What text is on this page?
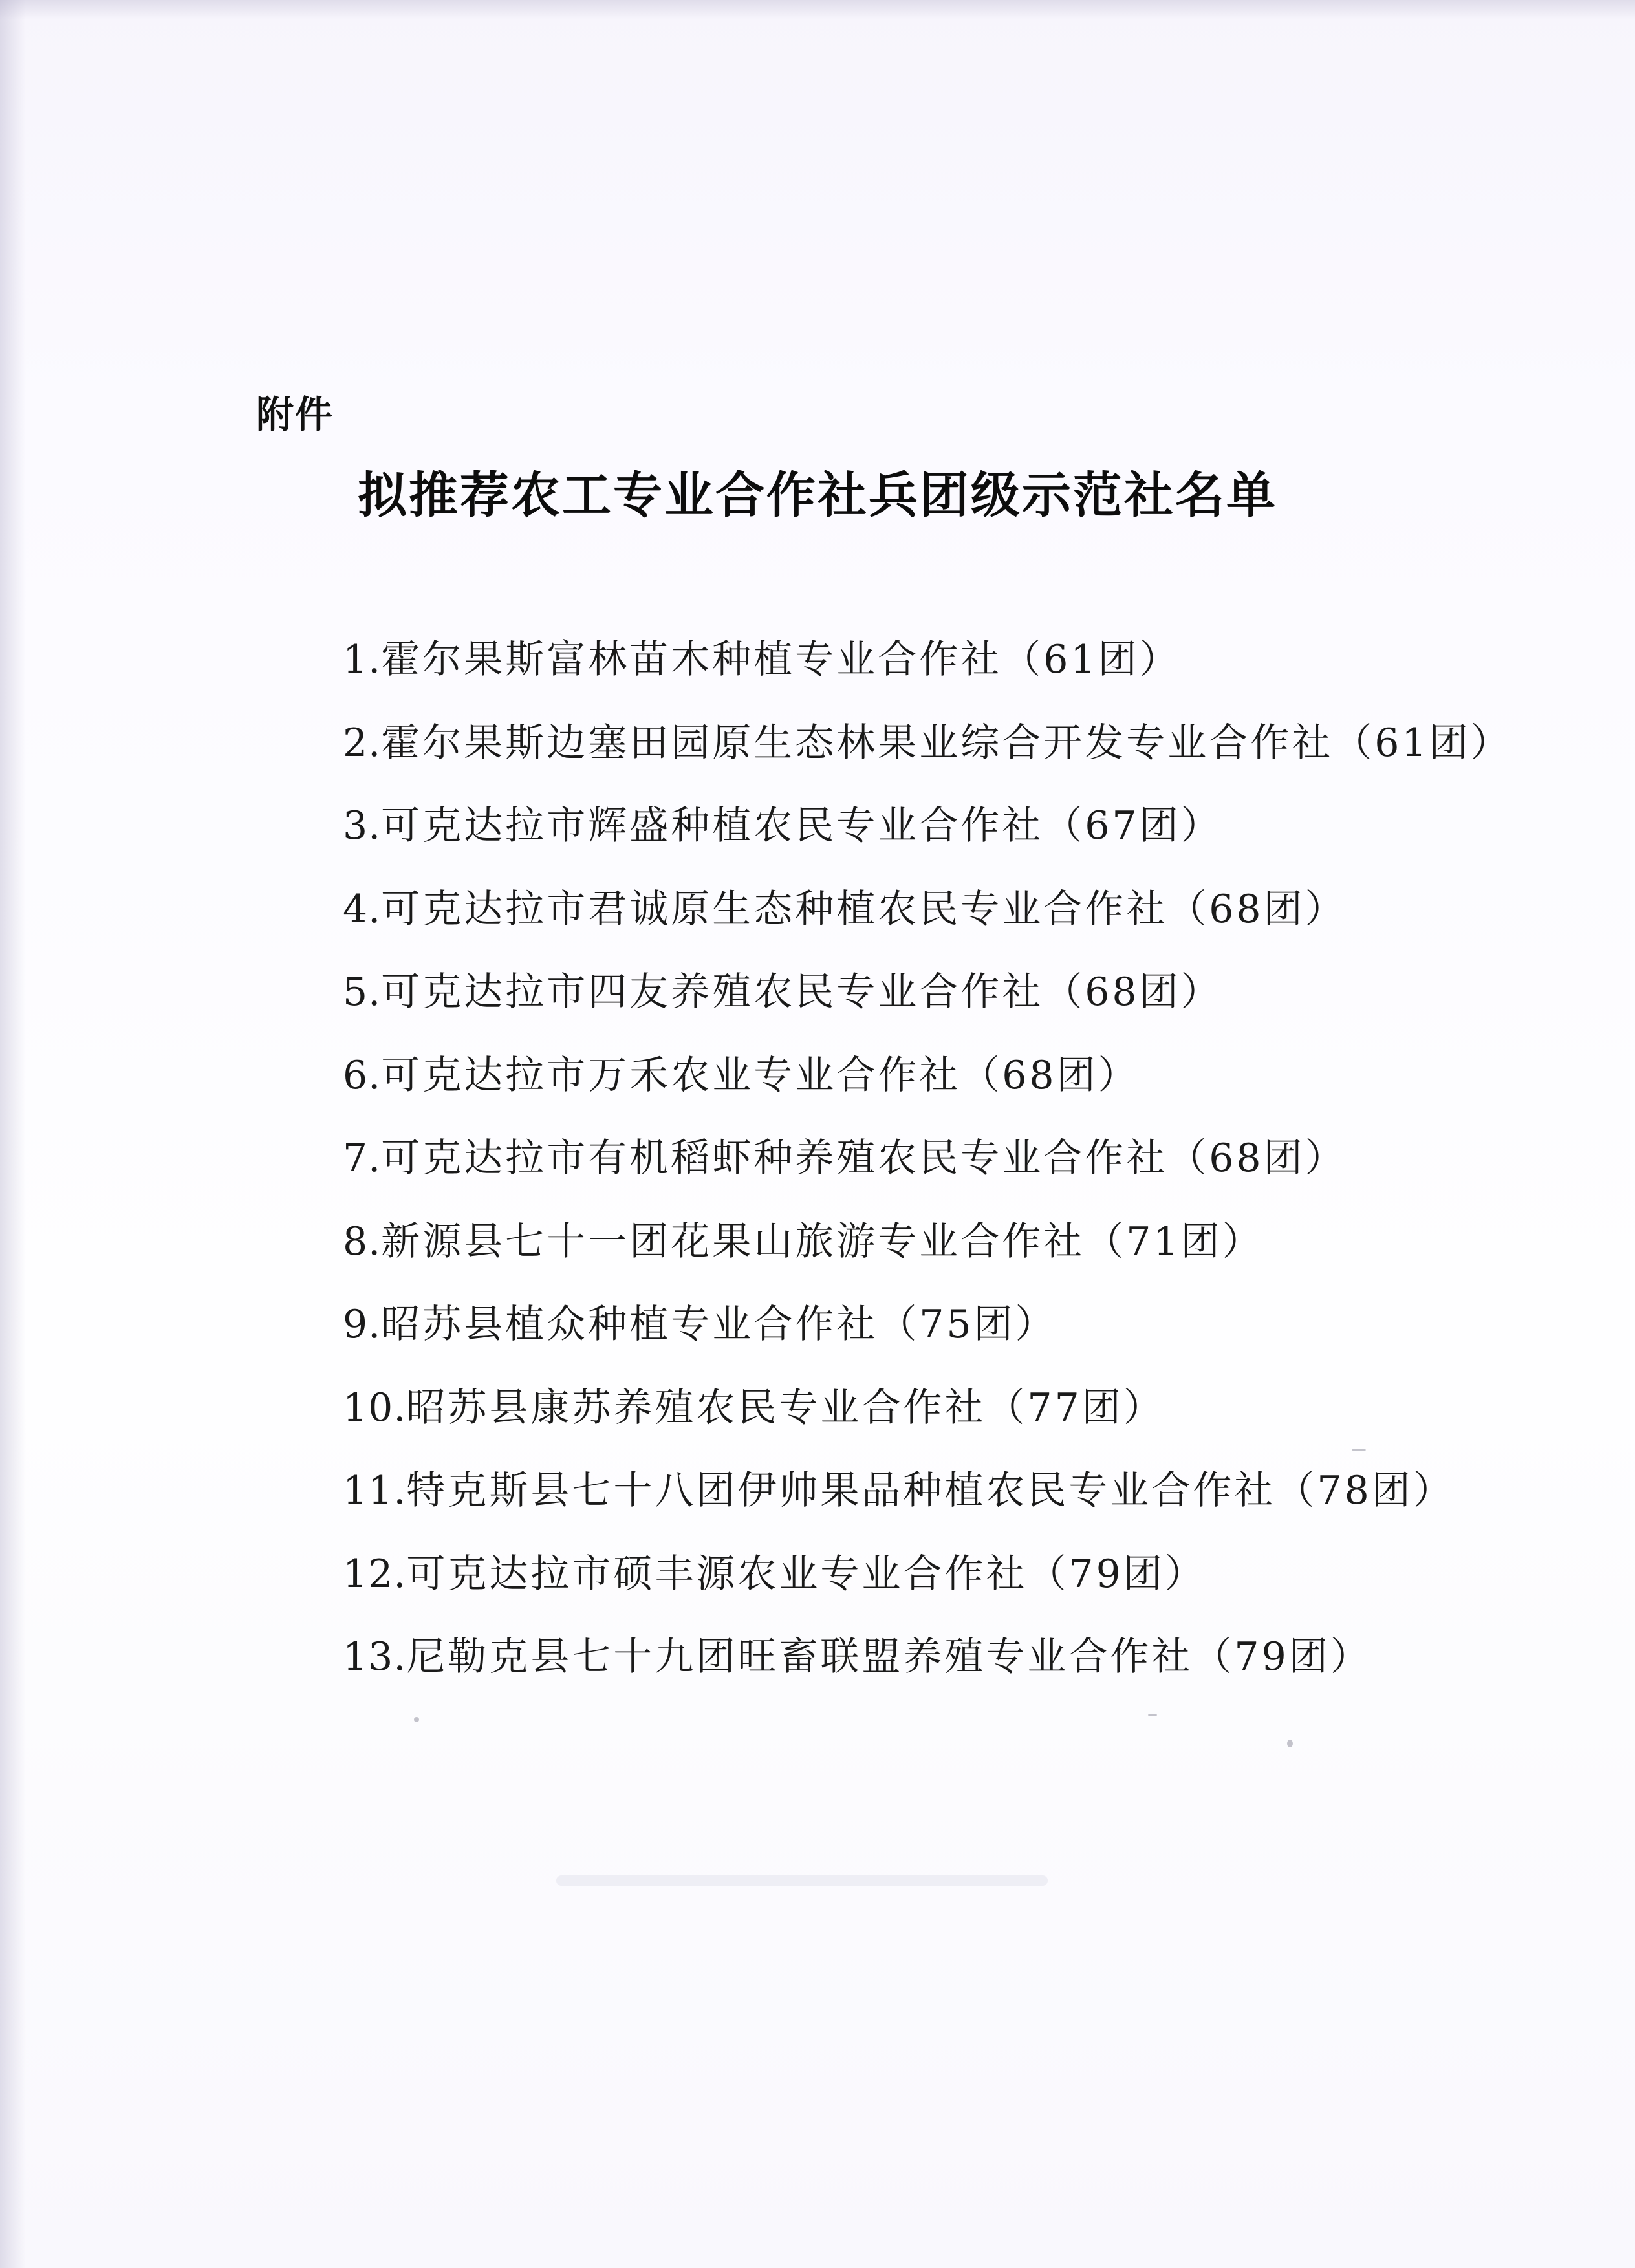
附件
拟推荐农工专业合作社兵团级示范社名单
1.霍尔果斯富林苗木种植专业合作社（61团）
2.霍尔果斯边塞田园原生态林果业综合开发专业合作社（61团）
3.可克达拉市辉盛种植农民专业合作社（67团）
4.可克达拉市君诚原生态种植农民专业合作社（68团）
5.可克达拉市四友养殖农民专业合作社（68团）
6.可克达拉市万禾农业专业合作社（68团）
7.可克达拉市有机稻虾种养殖农民专业合作社（68团）
8.新源县七十一团花果山旅游专业合作社（71团）
9.昭苏县植众种植专业合作社（75团）
10.昭苏县康苏养殖农民专业合作社（77团）
11.特克斯县七十八团伊帅果品种植农民专业合作社（78团）
12.可克达拉市硕丰源农业专业合作社（79团）
13.尼勒克县七十九团旺畜联盟养殖专业合作社（79团）
